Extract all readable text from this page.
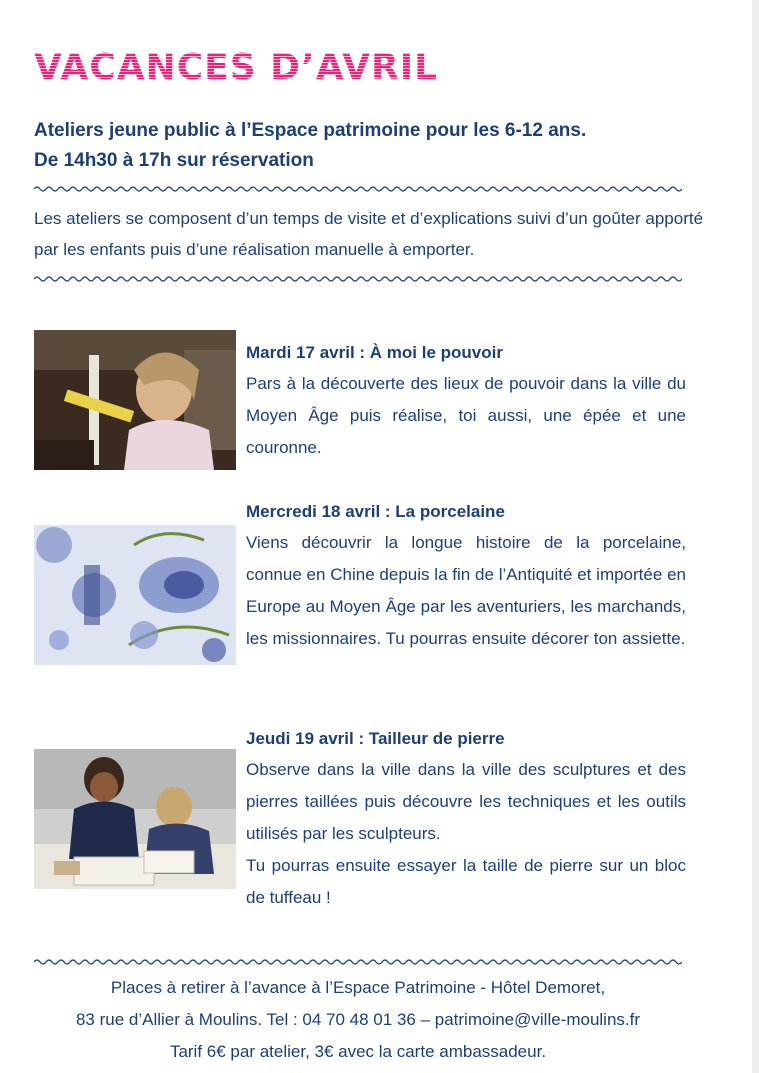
VACANCES D’AVRIL
Ateliers jeune public à l’Espace patrimoine pour les 6-12 ans.
De 14h30 à 17h sur réservation
Les ateliers se composent d’un temps de visite et d’explications suivi d’un goûter apporté par les enfants puis d’une réalisation manuelle à emporter.
Mardi 17 avril : À moi le pouvoir
Pars à la découverte des lieux de pouvoir dans la ville du Moyen Âge puis réalise, toi aussi, une épée et une couronne.
Mercredi 18 avril : La porcelaine
Viens découvrir la longue histoire de la porcelaine, connue en Chine depuis la fin de l’Antiquité et importée en Europe au Moyen Âge par les aventuriers, les marchands, les missionnaires. Tu pourras ensuite décorer ton assiette.
Jeudi 19 avril : Tailleur de pierre

Observe dans la ville dans la ville des sculptures et des pierres taillées puis découvre les techniques et les outils utilisés par les sculpteurs.

Tu pourras ensuite essayer la taille de pierre sur un bloc de tuffeau !

Places à retirer à l’avance à l’Espace Patrimoine - Hôtel Demoret,

83 rue d’Allier à Moulins. Tel : 04 70 48 01 36 – patrimoine@ville-moulins.fr

Tarif 6€ par atelier, 3€ avec la carte ambassadeur.
